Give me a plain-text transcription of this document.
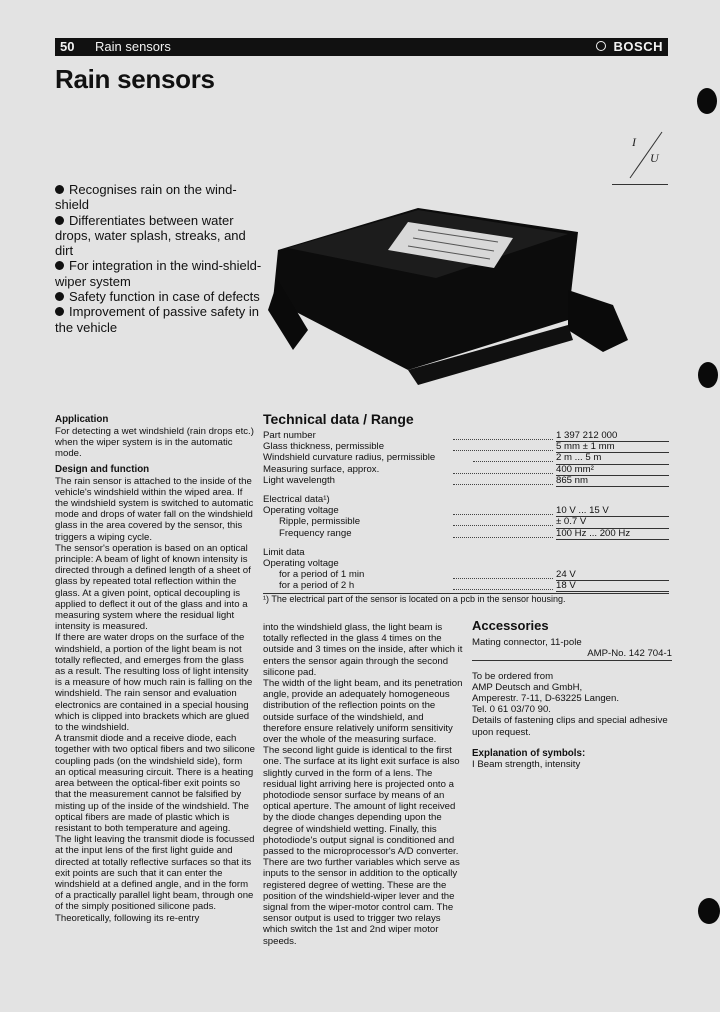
50 Rain sensors	BOSCH
Rain sensors
Recognises rain on the wind-shield
Differentiates between water drops, water splash, streaks, and dirt
For integration in the wind-shield-wiper system
Safety function in case of defects
Improvement of passive safety in the vehicle
I
U
Application

For detecting a wet windshield (rain drops etc.) when the wiper system is in the automatic mode.

Design and function

The rain sensor is attached to the inside of the vehicle's windshield within the wiped area. If the windshield system is switched to automatic mode and drops of water fall on the windshield glass in the area covered by the sensor, this triggers a wiping cycle.

The sensor's operation is based on an optical principle: A beam of light of known intensity is directed through a defined length of a sheet of glass by repeated total reflection within the glass. At a given point, optical decoupling is applied to deflect it out of the glass and into a measuring system where the residual light intensity is measured.

If there are water drops on the surface of the windshield, a portion of the light beam is not totally reflected, and emerges from the glass as a result. The resulting loss of light intensity is a measure of how much rain is falling on the windshield. The rain sensor and evaluation electronics are contained in a special housing which is clipped into brackets which are glued to the windshield.

A transmit diode and a receive diode, each together with two optical fibers and two silicone coupling pads (on the windshield side), form an optical measuring circuit. There is a heating area between the optical-fiber exit points so that the measurement cannot be falsified by misting up of the inside of the windshield. The optical fibers are made of plastic which is resistant to both temperature and ageing.

The light leaving the transmit diode is focussed at the input lens of the first light guide and directed at totally reflective surfaces so that its exit points are such that it can enter the windshield at a defined angle, and in the form of a practically parallel light beam, through one of the simply positioned silicone pads. Theoretically, following its re-entry

Technical data / Range
Part number	1 397 212 000
Glass thickness, permissible	5 mm ± 1 mm
Windshield curvature radius, permissible	2 m ... 5 m
Measuring surface, approx.	400 mm²
Light wavelength	865 nm
Electrical data¹)
Operating voltage	10 V ... 15 V
Ripple, permissible	± 0.7 V
Frequency range	100 Hz ... 200 Hz
Limit data
Operating voltage
for a period of 1 min	24 V
for a period of 2 h	18 V
¹) The electrical part of the sensor is located on a pcb in the sensor housing.

into the windshield glass, the light beam is totally reflected in the glass 4 times on the outside and 3 times on the inside, after which it enters the sensor again through the second silicone pad.

The width of the light beam, and its penetration angle, provide an adequately homogeneous distribution of the reflection points on the outside surface of the windshield, and therefore ensure relatively uniform sensitivity over the whole of the measuring surface.

The second light guide is identical to the first one. The surface at its light exit surface is also slightly curved in the form of a lens. The residual light arriving here is projected onto a photodiode sensor surface by means of an optical aperture. The amount of light received by the diode changes depending upon the degree of windshield wetting. Finally, this photodiode's output signal is conditioned and passed to the microprocessor's A/D converter.

There are two further variables which serve as inputs to the sensor in addition to the optically registered degree of wetting. These are the position of the windshield-wiper lever and the signal from the wiper-motor control cam. The sensor output is used to trigger two relays which switch the 1st and 2nd wiper motor speeds.

Accessories
Mating connector, 11-pole
AMP-No. 142 704-1

To be ordered from

AMP Deutsch and GmbH,

Amperestr. 7-11, D-63225 Langen.

Tel. 0 61 03/70 90.

Details of fastening clips and special adhesive upon request.

Explanation of symbols:

I Beam strength, intensity
